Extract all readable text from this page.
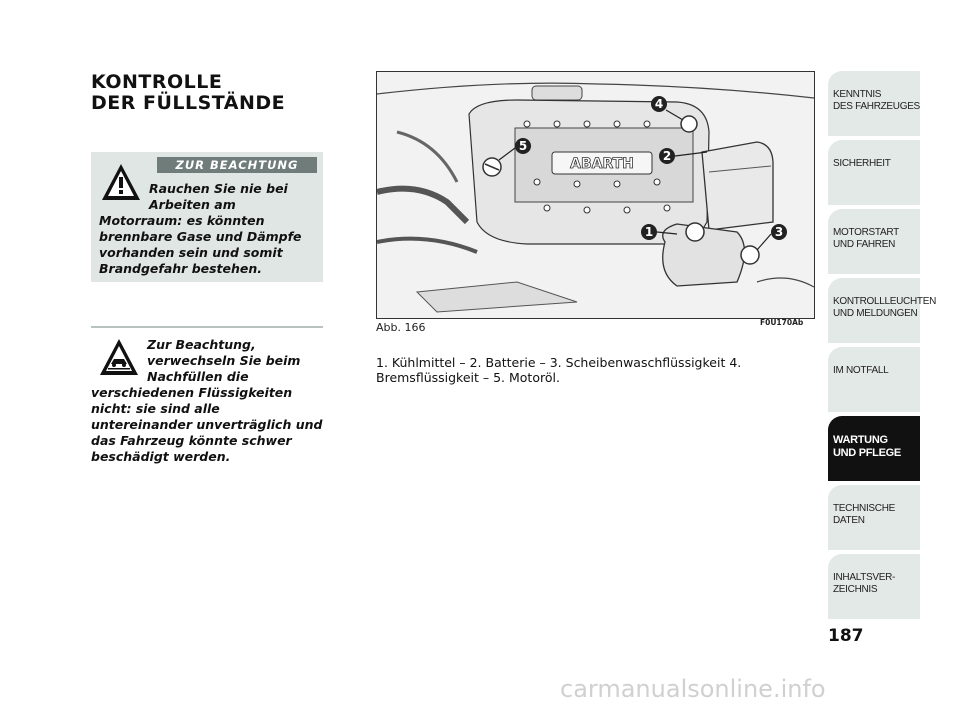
KONTROLLE
DER FÜLLSTÄNDE
ZUR BEACHTUNG

Rauchen Sie nie bei
Arbeiten am
Motorraum: es könnten brennbare Gase und Dämpfe vorhanden sein und somit Brandgefahr bestehen.

Zur Beachtung, verwechseln Sie beim Nachfüllen die
verschiedenen Flüssigkeiten nicht: sie sind alle untereinander unverträglich und das Fahrzeug könnte schwer beschädigt werden.

ABARTH
1
2
3
4
5
Abb. 166	F0U170Ab

1. Kühlmittel – 2. Batterie – 3. Scheibenwaschflüssigkeit 4. Bremsflüssigkeit – 5. Motoröl.

KENNTNIS
DES FAHRZEUGES
SICHERHEIT
MOTORSTART
UND FAHREN
KONTROLLLEUCHTEN
UND MELDUNGEN
IM NOTFALL
WARTUNG
UND PFLEGE
TECHNISCHE
DATEN
INHALTSVER-
ZEICHNIS
187
carmanualsonline.info
